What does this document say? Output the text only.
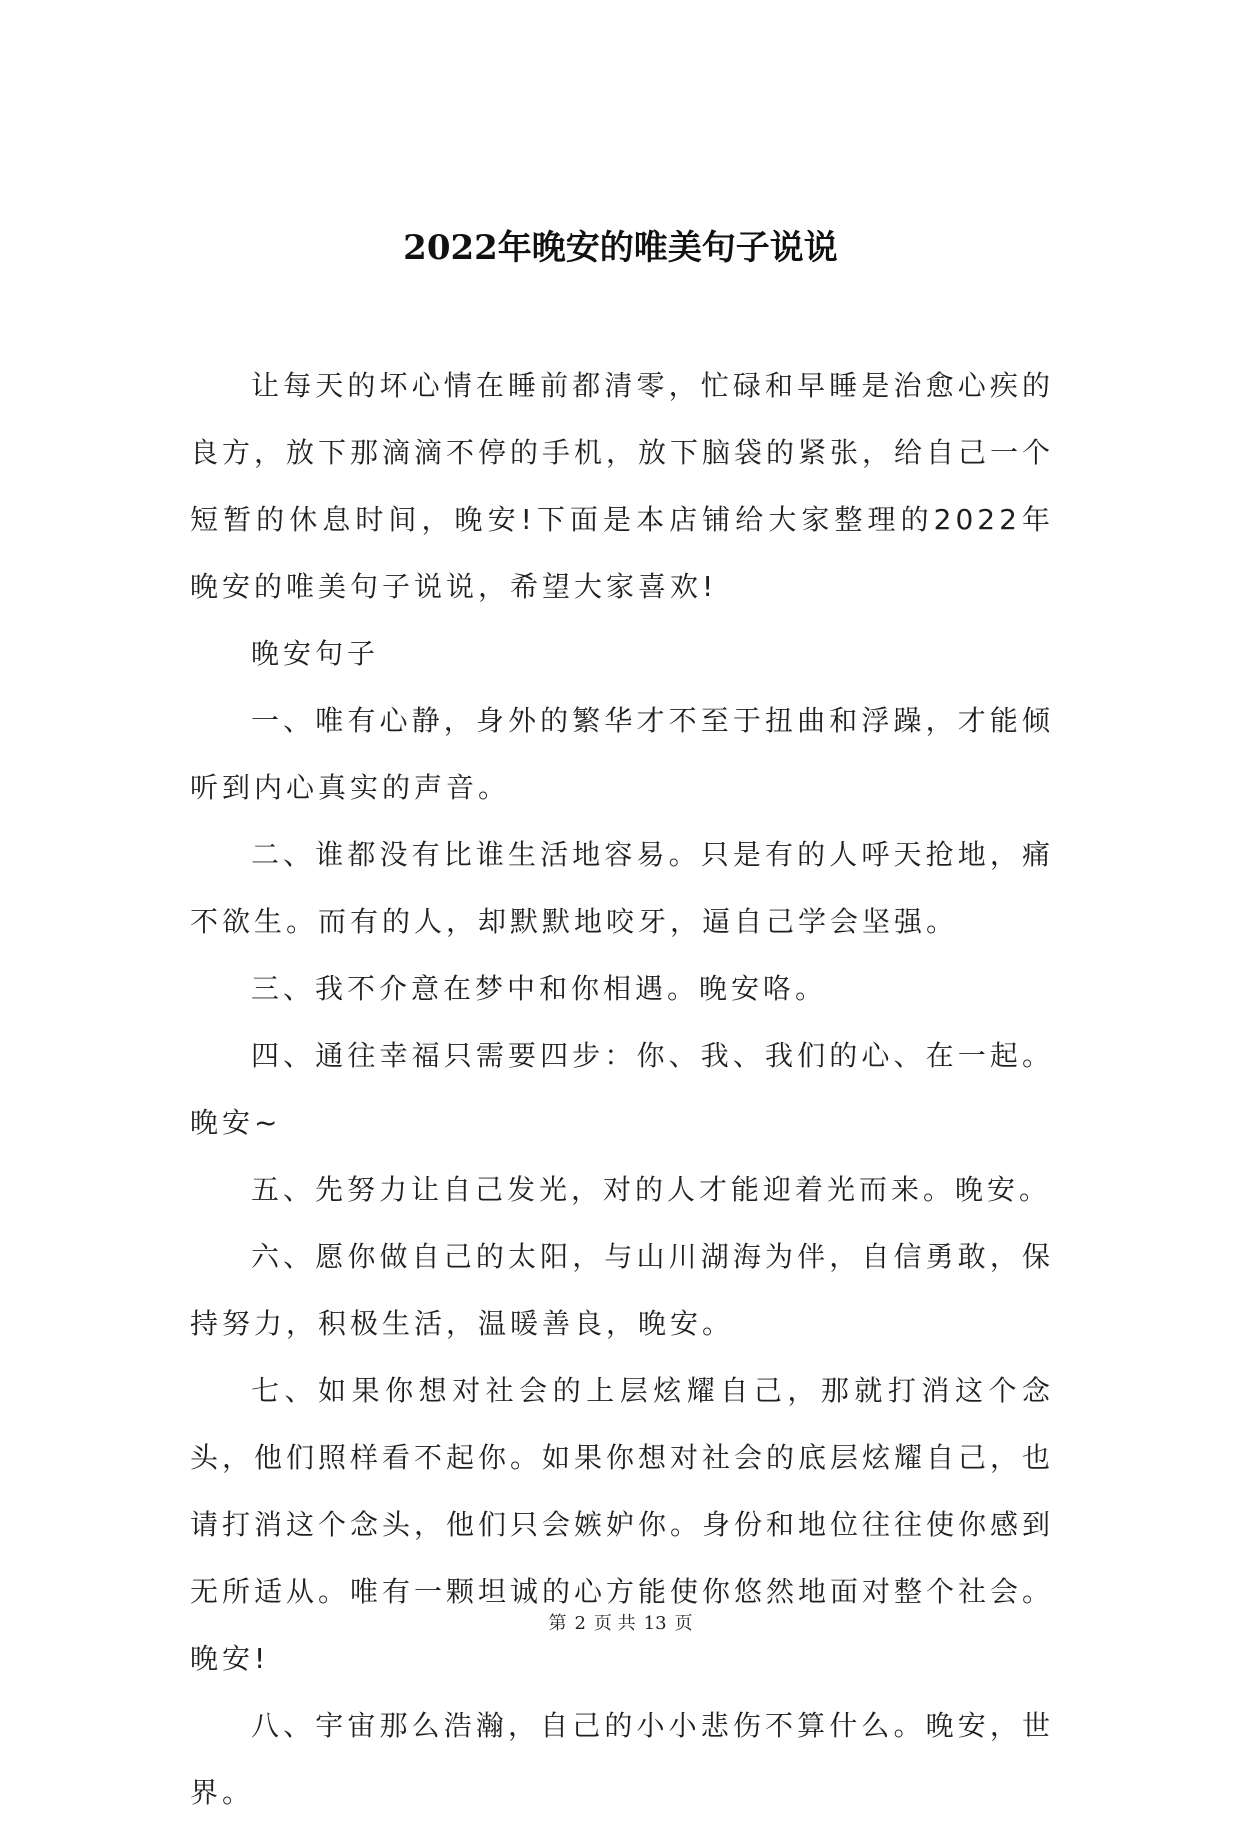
2022年晚安的唯美句子说说

让每天的坏心情在睡前都清零，忙碌和早睡是治愈心疾的良方，放下那滴滴不停的手机，放下脑袋的紧张，给自己一个短暂的休息时间，晚安!下面是本店铺给大家整理的2022年晚安的唯美句子说说，希望大家喜欢!

晚安句子

一、唯有心静，身外的繁华才不至于扭曲和浮躁，才能倾听到内心真实的声音。

二、谁都没有比谁生活地容易。只是有的人呼天抢地，痛不欲生。而有的人，却默默地咬牙，逼自己学会坚强。

三、我不介意在梦中和你相遇。晚安咯。

四、通往幸福只需要四步：你、我、我们的心、在一起。晚安~

五、先努力让自己发光，对的人才能迎着光而来。晚安。

六、愿你做自己的太阳，与山川湖海为伴，自信勇敢，保持努力，积极生活，温暖善良，晚安。

七、如果你想对社会的上层炫耀自己，那就打消这个念头，他们照样看不起你。如果你想对社会的底层炫耀自己，也请打消这个念头，他们只会嫉妒你。身份和地位往往使你感到无所适从。唯有一颗坦诚的心方能使你悠然地面对整个社会。晚安!

八、宇宙那么浩瀚，自己的小小悲伤不算什么。晚安，世界。

第 2 页 共 13 页
